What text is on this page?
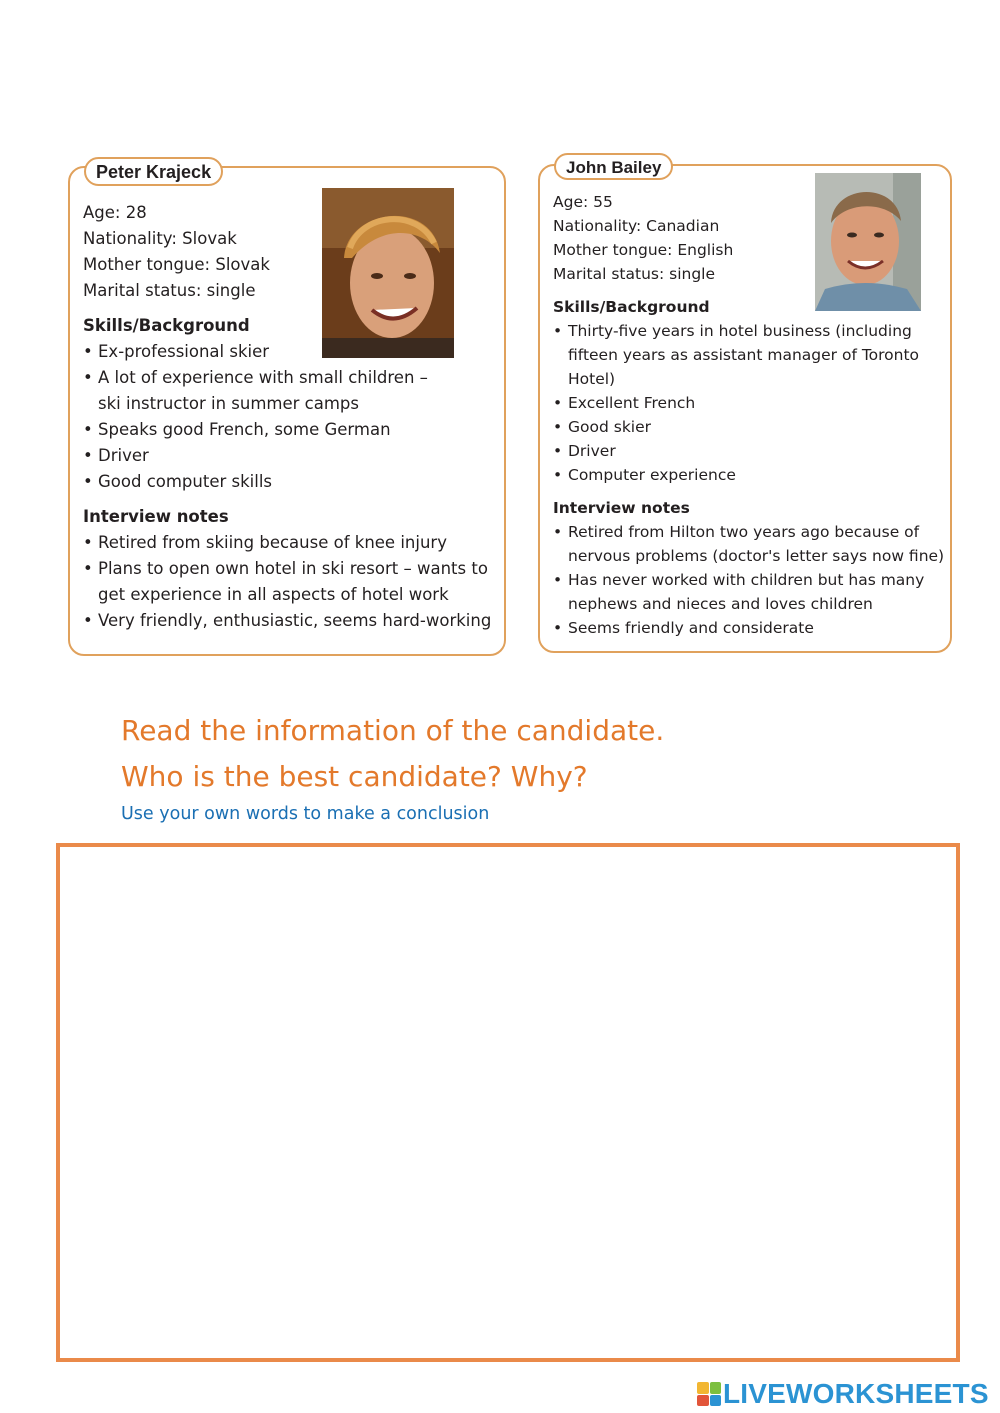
Peter Krajeck
Age: 28
Nationality: Slovak
Mother tongue: Slovak
Marital status: single
Skills/Background
• Ex-professional skier
• A lot of experience with small children – ski instructor in summer camps
• Speaks good French, some German
• Driver
• Good computer skills
Interview notes
• Retired from skiing because of knee injury
• Plans to open own hotel in ski resort – wants to get experience in all aspects of hotel work
• Very friendly, enthusiastic, seems hard-working
John Bailey
Age: 55
Nationality: Canadian
Mother tongue: English
Marital status: single
Skills/Background
• Thirty-five years in hotel business (including fifteen years as assistant manager of Toronto Hotel)
• Excellent French
• Good skier
• Driver
• Computer experience
Interview notes
• Retired from Hilton two years ago because of nervous problems (doctor's letter says now fine)
• Has never worked with children but has many nephews and nieces and loves children
• Seems friendly and considerate
Read the information of the candidate.
Who is the best candidate? Why?
Use your own words to make a conclusion
LIVEWORKSHEETS
